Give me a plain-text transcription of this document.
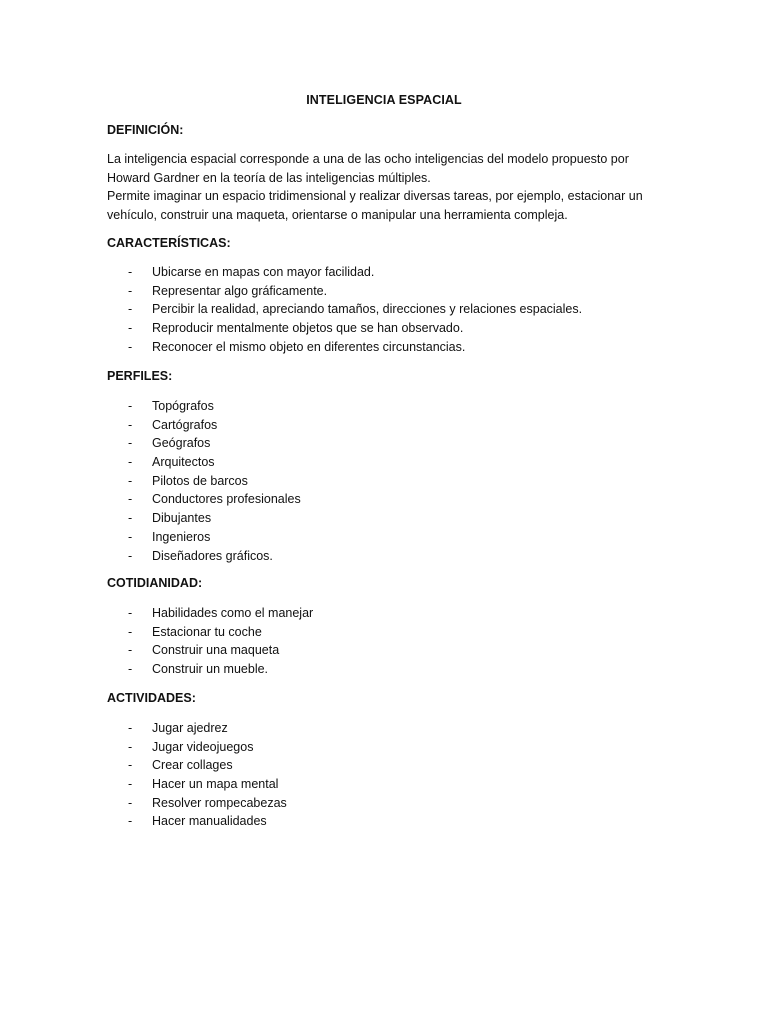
INTELIGENCIA ESPACIAL
DEFINICIÓN:
La inteligencia espacial corresponde a una de las ocho inteligencias del modelo propuesto por
Howard Gardner en la teoría de las inteligencias múltiples.
Permite imaginar un espacio tridimensional y realizar diversas tareas, por ejemplo, estacionar un
vehículo, construir una maqueta, orientarse o manipular una herramienta compleja.
CARACTERÍSTICAS:
- Ubicarse en mapas con mayor facilidad.
- Representar algo gráficamente.
- Percibir la realidad, apreciando tamaños, direcciones y relaciones espaciales.
- Reproducir mentalmente objetos que se han observado.
- Reconocer el mismo objeto en diferentes circunstancias.
PERFILES:
- Topógrafos
- Cartógrafos
- Geógrafos
- Arquitectos
- Pilotos de barcos
- Conductores profesionales
- Dibujantes
- Ingenieros
- Diseñadores gráficos.
COTIDIANIDAD:
- Habilidades como el manejar
- Estacionar tu coche
- Construir una maqueta
- Construir un mueble.
ACTIVIDADES:
- Jugar ajedrez
- Jugar videojuegos
- Crear collages
- Hacer un mapa mental
- Resolver rompecabezas
- Hacer manualidades
